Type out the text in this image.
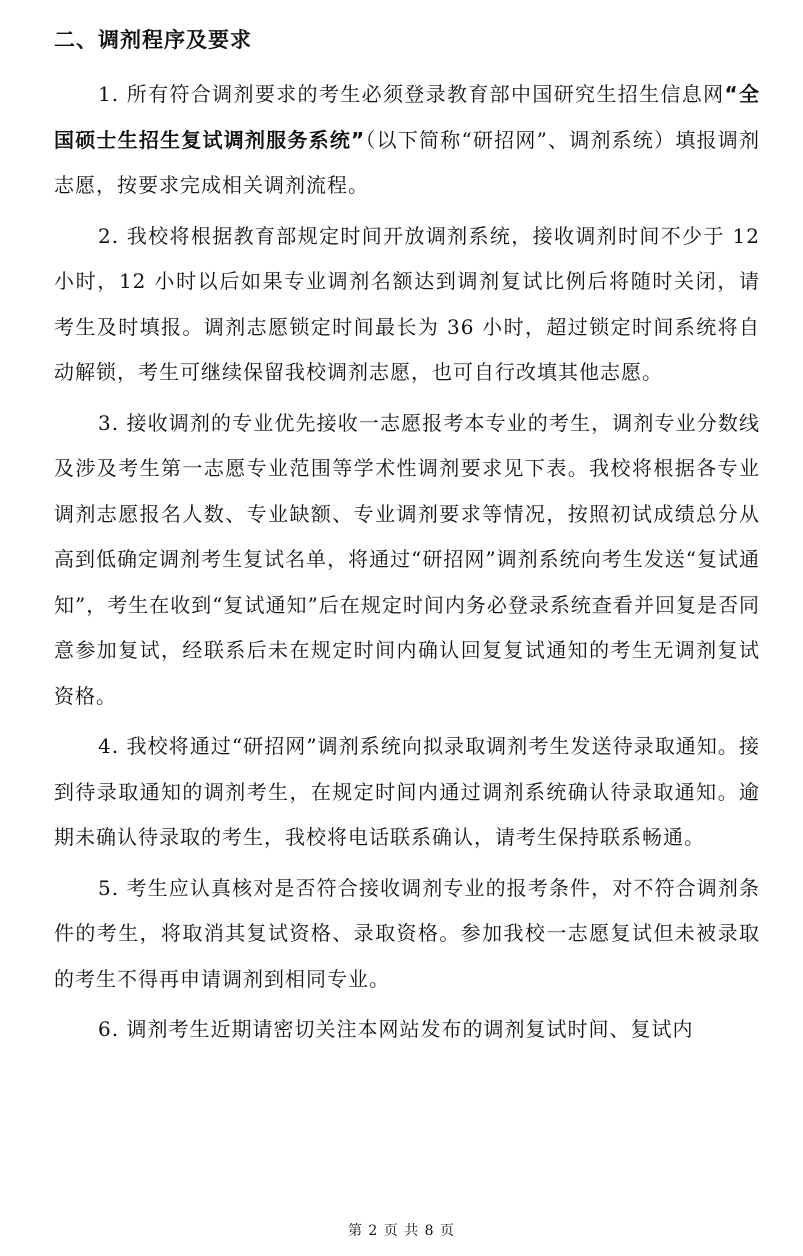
二、调剂程序及要求

1. 所有符合调剂要求的考生必须登录教育部中国研究生招生信息网“全国硕士生招生复试调剂服务系统”（以下简称“研招网”、调剂系统）填报调剂志愿，按要求完成相关调剂流程。

2. 我校将根据教育部规定时间开放调剂系统，接收调剂时间不少于 12 小时，12 小时以后如果专业调剂名额达到调剂复试比例后将随时关闭，请考生及时填报。调剂志愿锁定时间最长为 36 小时，超过锁定时间系统将自动解锁，考生可继续保留我校调剂志愿，也可自行改填其他志愿。

3. 接收调剂的专业优先接收一志愿报考本专业的考生，调剂专业分数线及涉及考生第一志愿专业范围等学术性调剂要求见下表。我校将根据各专业调剂志愿报名人数、专业缺额、专业调剂要求等情况，按照初试成绩总分从高到低确定调剂考生复试名单，将通过“研招网”调剂系统向考生发送“复试通知”，考生在收到“复试通知”后在规定时间内务必登录系统查看并回复是否同意参加复试，经联系后未在规定时间内确认回复复试通知的考生无调剂复试资格。

4. 我校将通过“研招网”调剂系统向拟录取调剂考生发送待录取通知。接到待录取通知的调剂考生，在规定时间内通过调剂系统确认待录取通知。逾期未确认待录取的考生，我校将电话联系确认，请考生保持联系畅通。

5. 考生应认真核对是否符合接收调剂专业的报考条件，对不符合调剂条件的考生，将取消其复试资格、录取资格。参加我校一志愿复试但未被录取的考生不得再申请调剂到相同专业。

6. 调剂考生近期请密切关注本网站发布的调剂复试时间、复试内

第 2 页 共 8 页
